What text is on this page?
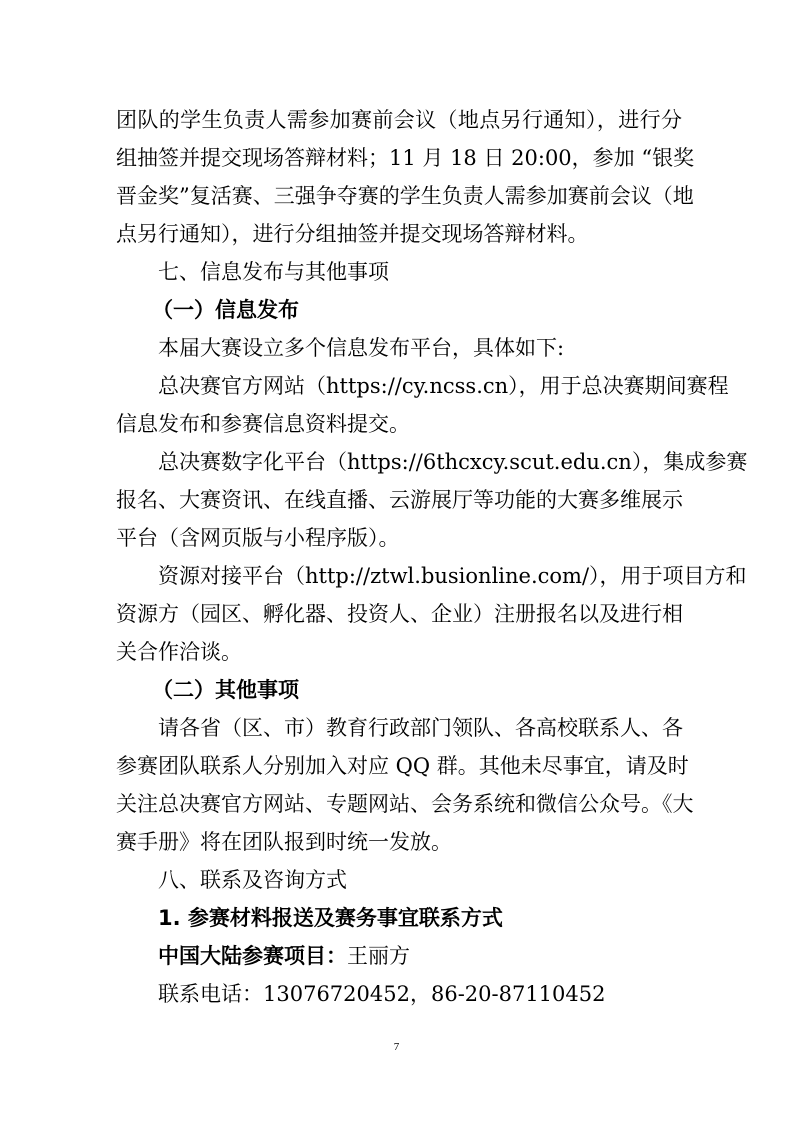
团队的学生负责人需参加赛前会议（地点另行通知），进行分
组抽签并提交现场答辩材料；11 月 18 日 20:00，参加 “银奖
晋金奖”复活赛、三强争夺赛的学生负责人需参加赛前会议（地
点另行通知），进行分组抽签并提交现场答辩材料。
七、信息发布与其他事项
（一）信息发布
本届大赛设立多个信息发布平台，具体如下:
总决赛官方网站（https://cy.ncss.cn），用于总决赛期间赛程
信息发布和参赛信息资料提交。
总决赛数字化平台（https://6thcxcy.scut.edu.cn），集成参赛
报名、大赛资讯、在线直播、云游展厅等功能的大赛多维展示
平台（含网页版与小程序版）。
资源对接平台（http://ztwl.busionline.com/），用于项目方和
资源方（园区、孵化器、投资人、企业）注册报名以及进行相
关合作洽谈。
（二）其他事项
请各省（区、市）教育行政部门领队、各高校联系人、各
参赛团队联系人分别加入对应 QQ 群。其他未尽事宜，请及时
关注总决赛官方网站、专题网站、会务系统和微信公众号。《大
赛手册》将在团队报到时统一发放。
八、联系及咨询方式
1. 参赛材料报送及赛务事宜联系方式
中国大陆参赛项目：王丽方
联系电话：13076720452，86-20-87110452
7
